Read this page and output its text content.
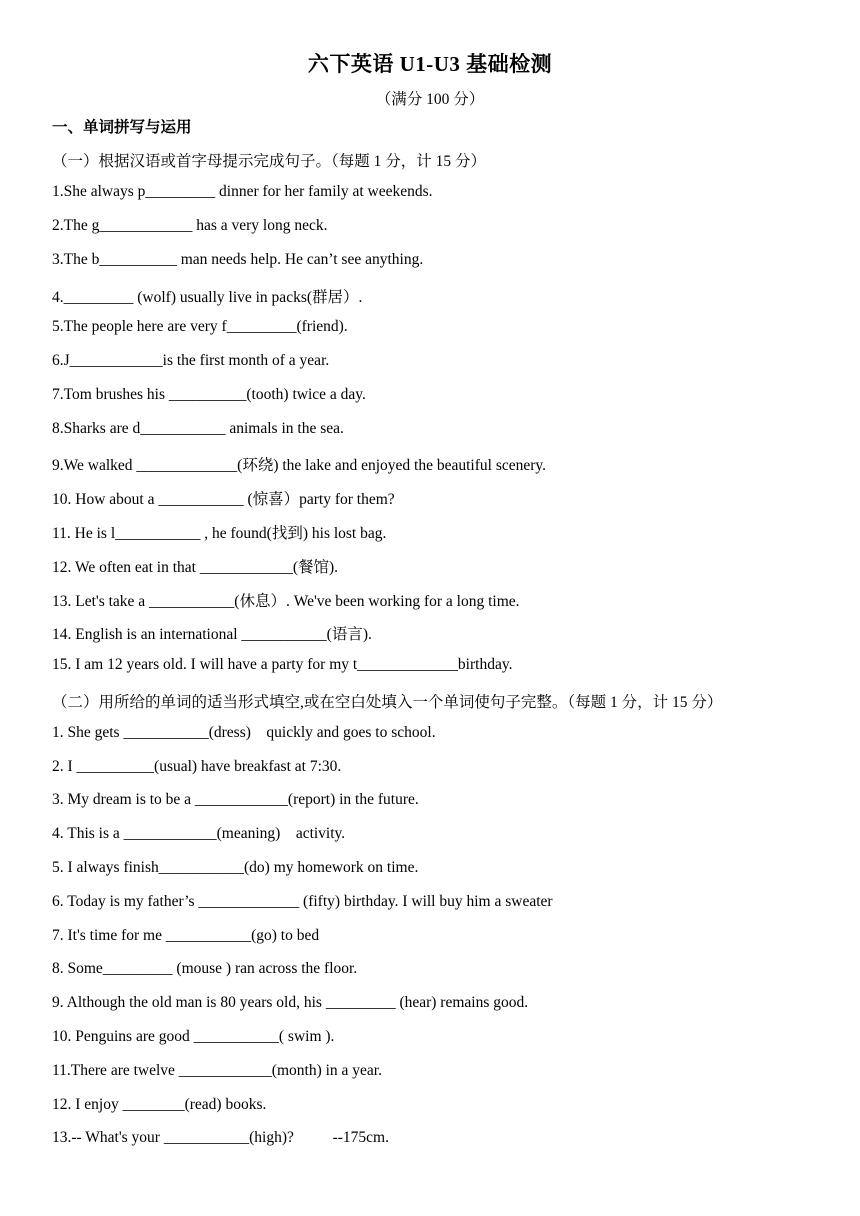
六下英语 U1-U3 基础检测
（满分 100 分）
一、单词拼写与运用
（一）根据汉语或首字母提示完成句子。（每题 1 分，计 15 分）
1.She always p_________ dinner for her family at weekends.
2.The g____________ has a very long neck.
3.The b__________ man needs help. He can’t see anything.
4._________ (wolf) usually live in packs(群居）.
5.The people here are very f_________(friend).
6.J____________is the first month of a year.
7.Tom brushes his __________(tooth) twice a day.
8.Sharks are d___________ animals in the sea.
9.We walked _____________(环绕) the lake and enjoyed the beautiful scenery.
10. How about a ___________ (惊喜）party for them?
11. He is l___________ , he found(找到) his lost bag.
12. We often eat in that ____________(餐馆).
13. Let's take a ___________(休息）. We've been working for a long time.
14. English is an international ___________(语言).
15. I am 12 years old. I will have a party for my t_____________birthday.
（二）用所给的单词的适当形式填空,或在空白处填入一个单词使句子完整。（每题 1 分，计 15 分）
1. She gets ___________(dress)    quickly and goes to school.
2. I __________(usual) have breakfast at 7:30.
3. My dream is to be a ____________(report) in the future.
4. This is a ____________(meaning)    activity.
5. I always finish___________(do) my homework on time.
6. Today is my father’s _____________ (fifty) birthday. I will buy him a sweater
7. It's time for me ___________(go) to bed
8. Some_________ (mouse ) ran across the floor.
9. Although the old man is 80 years old, his _________ (hear) remains good.
10. Penguins are good ___________( swim ).
11.There are twelve ____________(month) in a year.
12. I enjoy ________(read) books.
13.-- What's your ___________(high)?          --175cm.
